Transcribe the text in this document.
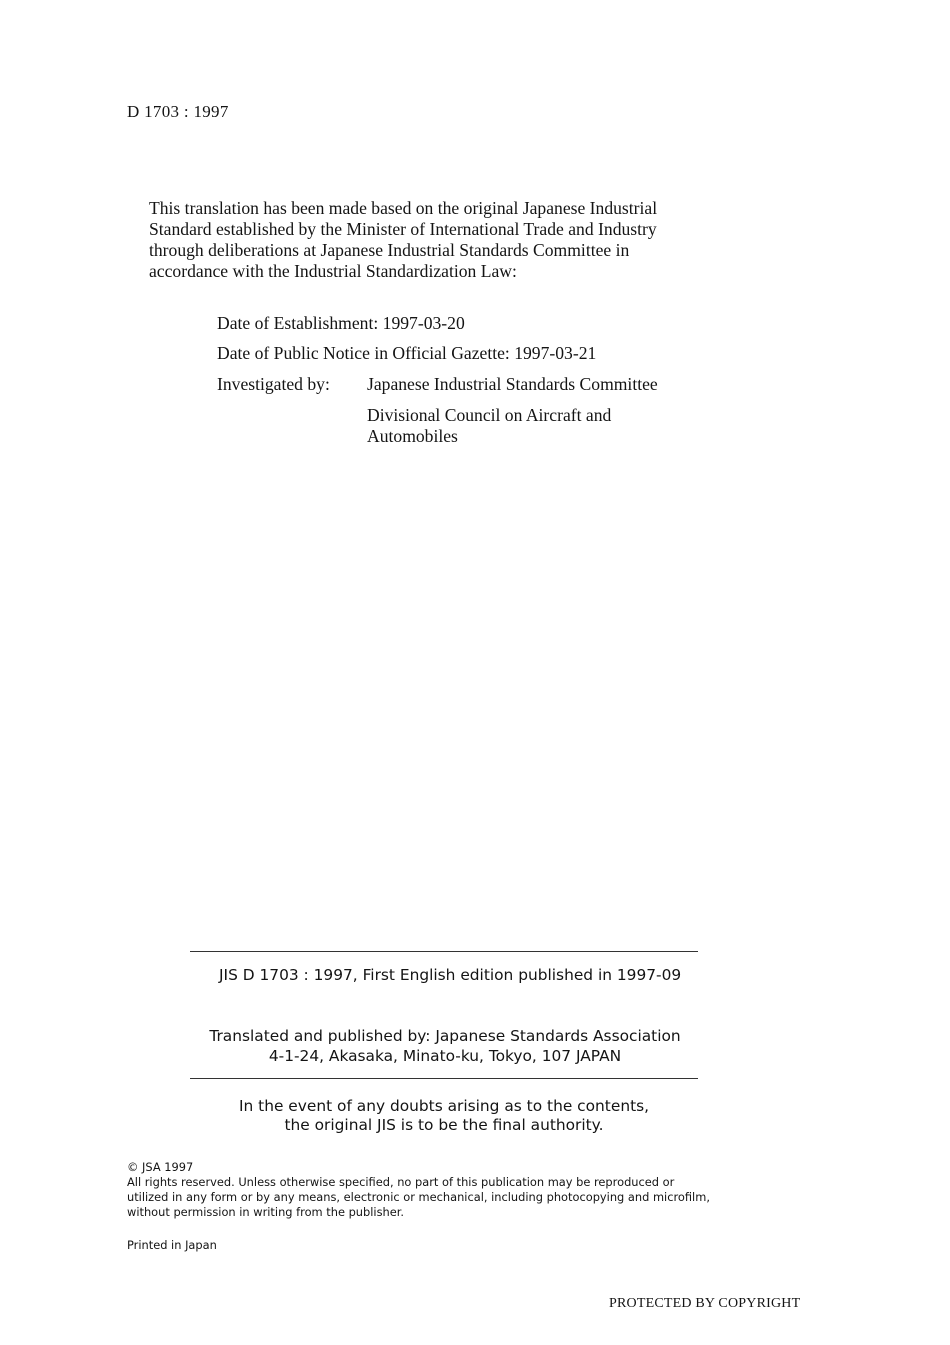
D 1703 : 1997
This translation has been made based on the original Japanese Industrial
Standard established by the Minister of International Trade and Industry
through deliberations at Japanese Industrial Standards Committee in
accordance with the Industrial Standardization Law:
Date of Establishment: 1997-03-20
Date of Public Notice in Official Gazette: 1997-03-21
Investigated by: Japanese Industrial Standards Committee
Divisional Council on Aircraft and
Automobiles
JIS D 1703 : 1997, First English edition published in 1997-09
Translated and published by: Japanese Standards Association
4-1-24, Akasaka, Minato-ku, Tokyo, 107 JAPAN
In the event of any doubts arising as to the contents,
the original JIS is to be the final authority.
© JSA 1997
All rights reserved. Unless otherwise specified, no part of this publication may be reproduced or
utilized in any form or by any means, electronic or mechanical, including photocopying and microfilm,
without permission in writing from the publisher.
Printed in Japan
PROTECTED BY COPYRIGHT
